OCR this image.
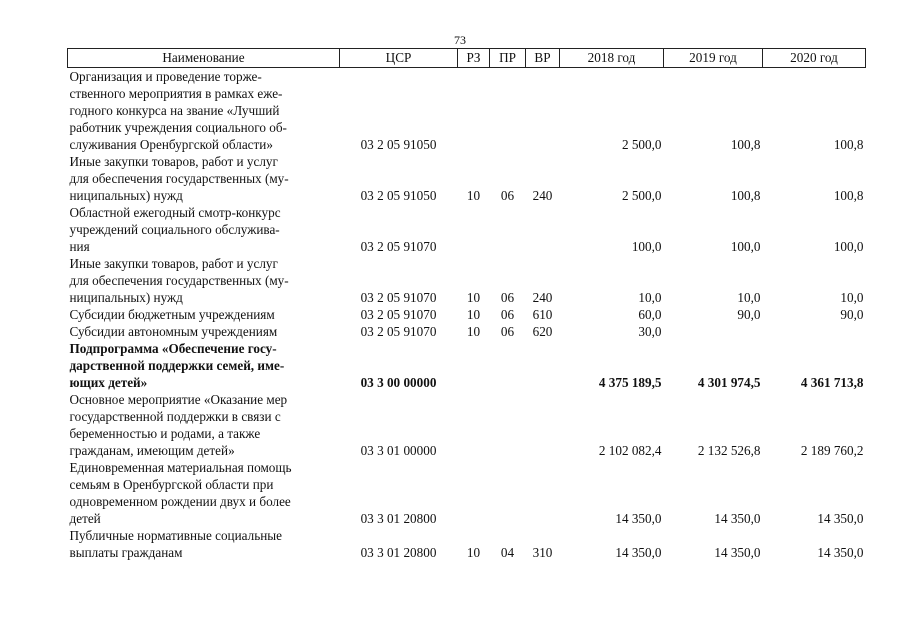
73
Наименование	ЦСР	РЗ	ПР	ВР	2018 год	2019 год	2020 год
Организация и проведение торже-
ственного мероприятия в рамках еже-
годного конкурса на звание «Лучший
работник учреждения социального об-
служивания Оренбургской области»	03 2 05 91050				2 500,0	100,8	100,8
Иные закупки товаров, работ и услуг
для обеспечения государственных (му-
ниципальных) нужд	03 2 05 91050	10	06	240	2 500,0	100,8	100,8
Областной ежегодный смотр-конкурс
учреждений социального обслужива-
ния	03 2 05 91070				100,0	100,0	100,0
Иные закупки товаров, работ и услуг
для обеспечения государственных (му-
ниципальных) нужд	03 2 05 91070	10	06	240	10,0	10,0	10,0
Субсидии бюджетным учреждениям	03 2 05 91070	10	06	610	60,0	90,0	90,0
Субсидии автономным учреждениям	03 2 05 91070	10	06	620	30,0		
Подпрограмма «Обеспечение госу-
дарственной поддержки семей, име-
ющих детей»	03 3 00 00000				4 375 189,5	4 301 974,5	4 361 713,8
Основное мероприятие «Оказание мер
государственной поддержки в связи с
беременностью и родами, а также
гражданам, имеющим детей»	03 3 01 00000				2 102 082,4	2 132 526,8	2 189 760,2
Единовременная материальная помощь
семьям в Оренбургской области при
одновременном рождении двух и более
детей	03 3 01 20800				14 350,0	14 350,0	14 350,0
Публичные нормативные социальные
выплаты гражданам	03 3 01 20800	10	04	310	14 350,0	14 350,0	14 350,0
